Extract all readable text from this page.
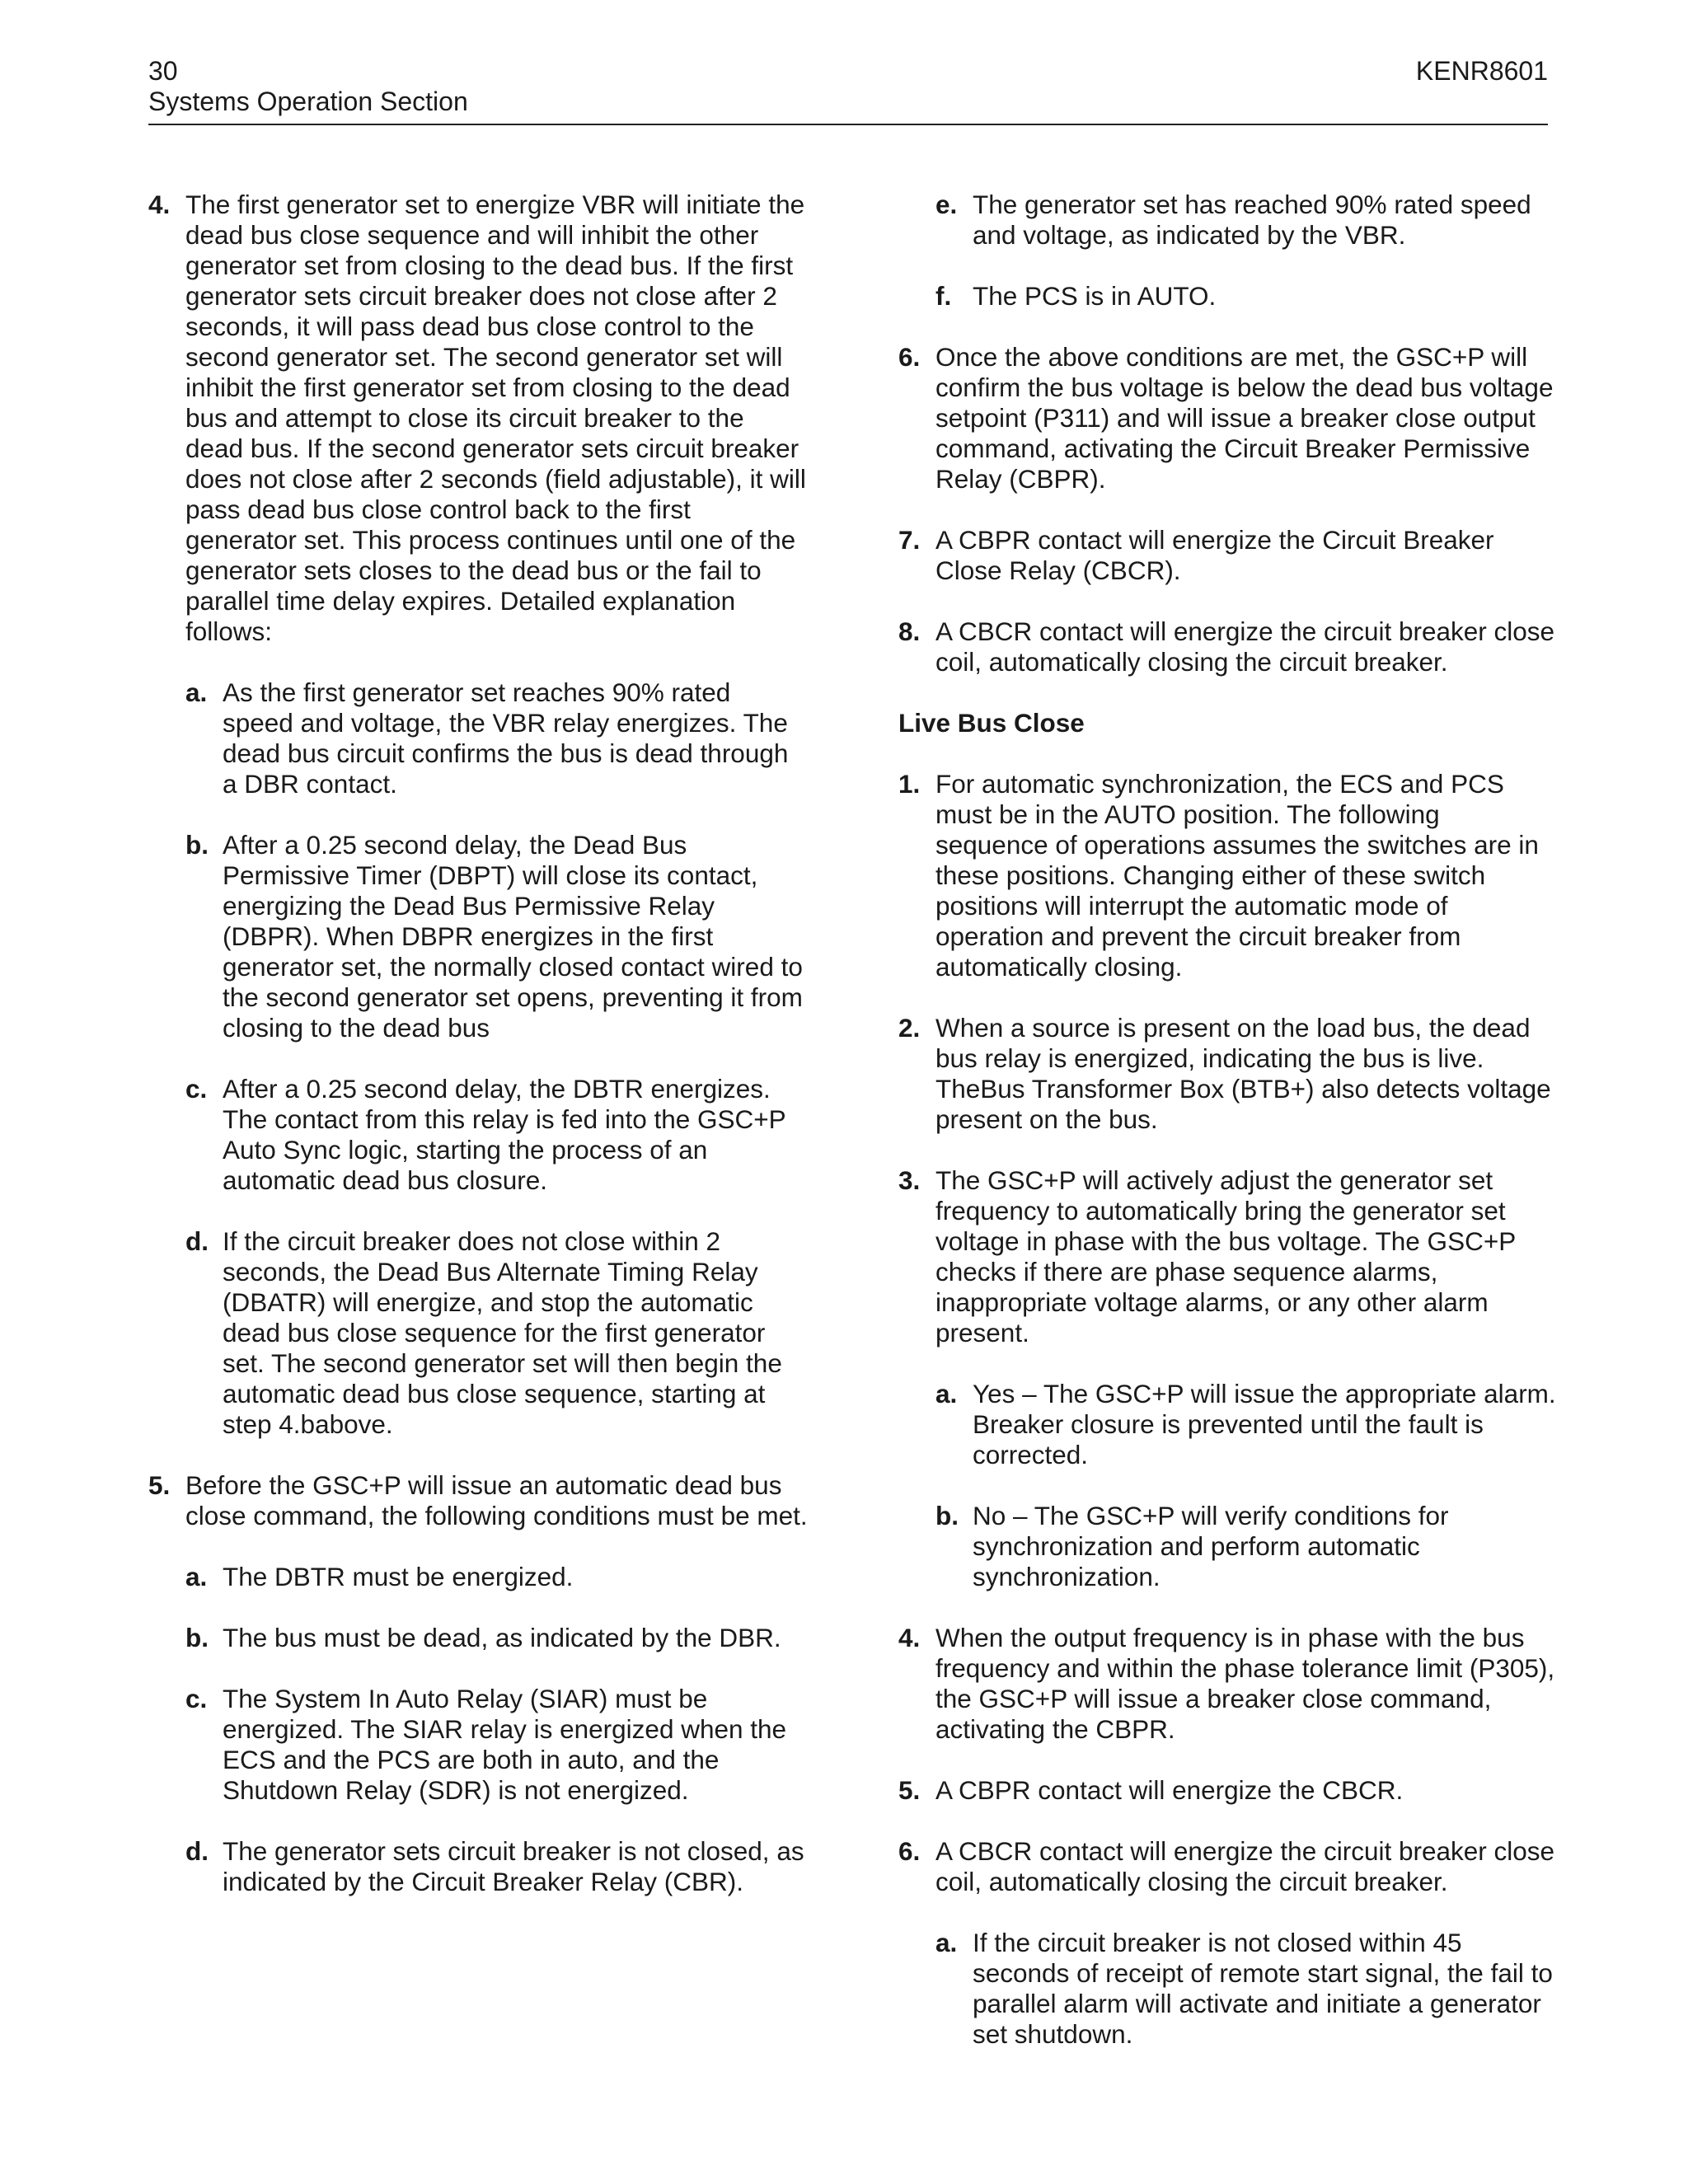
30
Systems Operation Section
KENR8601
4. The first generator set to energize VBR will initiate the dead bus close sequence and will inhibit the other generator set from closing to the dead bus. If the first generator sets circuit breaker does not close after 2 seconds, it will pass dead bus close control to the second generator set. The second generator set will inhibit the first generator set from closing to the dead bus and attempt to close its circuit breaker to the dead bus. If the second generator sets circuit breaker does not close after 2 seconds (field adjustable), it will pass dead bus close control back to the first generator set. This process continues until one of the generator sets closes to the dead bus or the fail to parallel time delay expires. Detailed explanation follows:
a. As the first generator set reaches 90% rated speed and voltage, the VBR relay energizes. The dead bus circuit confirms the bus is dead through a DBR contact.
b. After a 0.25 second delay, the Dead Bus Permissive Timer (DBPT) will close its contact, energizing the Dead Bus Permissive Relay (DBPR). When DBPR energizes in the first generator set, the normally closed contact wired to the second generator set opens, preventing it from closing to the dead bus
c. After a 0.25 second delay, the DBTR energizes. The contact from this relay is fed into the GSC+P Auto Sync logic, starting the process of an automatic dead bus closure.
d. If the circuit breaker does not close within 2 seconds, the Dead Bus Alternate Timing Relay (DBATR) will energize, and stop the automatic dead bus close sequence for the first generator set. The second generator set will then begin the automatic dead bus close sequence, starting at step 4.babove.
5. Before the GSC+P will issue an automatic dead bus close command, the following conditions must be met.
a. The DBTR must be energized.
b. The bus must be dead, as indicated by the DBR.
c. The System In Auto Relay (SIAR) must be energized. The SIAR relay is energized when the ECS and the PCS are both in auto, and the Shutdown Relay (SDR) is not energized.
d. The generator sets circuit breaker is not closed, as indicated by the Circuit Breaker Relay (CBR).
e. The generator set has reached 90% rated speed and voltage, as indicated by the VBR.
f. The PCS is in AUTO.
6. Once the above conditions are met, the GSC+P will confirm the bus voltage is below the dead bus voltage setpoint (P311) and will issue a breaker close output command, activating the Circuit Breaker Permissive Relay (CBPR).
7. A CBPR contact will energize the Circuit Breaker Close Relay (CBCR).
8. A CBCR contact will energize the circuit breaker close coil, automatically closing the circuit breaker.
Live Bus Close
1. For automatic synchronization, the ECS and PCS must be in the AUTO position. The following sequence of operations assumes the switches are in these positions. Changing either of these switch positions will interrupt the automatic mode of operation and prevent the circuit breaker from automatically closing.
2. When a source is present on the load bus, the dead bus relay is energized, indicating the bus is live. TheBus Transformer Box (BTB+) also detects voltage present on the bus.
3. The GSC+P will actively adjust the generator set frequency to automatically bring the generator set voltage in phase with the bus voltage. The GSC+P checks if there are phase sequence alarms, inappropriate voltage alarms, or any other alarm present.
a. Yes – The GSC+P will issue the appropriate alarm. Breaker closure is prevented until the fault is corrected.
b. No – The GSC+P will verify conditions for synchronization and perform automatic synchronization.
4. When the output frequency is in phase with the bus frequency and within the phase tolerance limit (P305), the GSC+P will issue a breaker close command, activating the CBPR.
5. A CBPR contact will energize the CBCR.
6. A CBCR contact will energize the circuit breaker close coil, automatically closing the circuit breaker.
a. If the circuit breaker is not closed within 45 seconds of receipt of remote start signal, the fail to parallel alarm will activate and initiate a generator set shutdown.
